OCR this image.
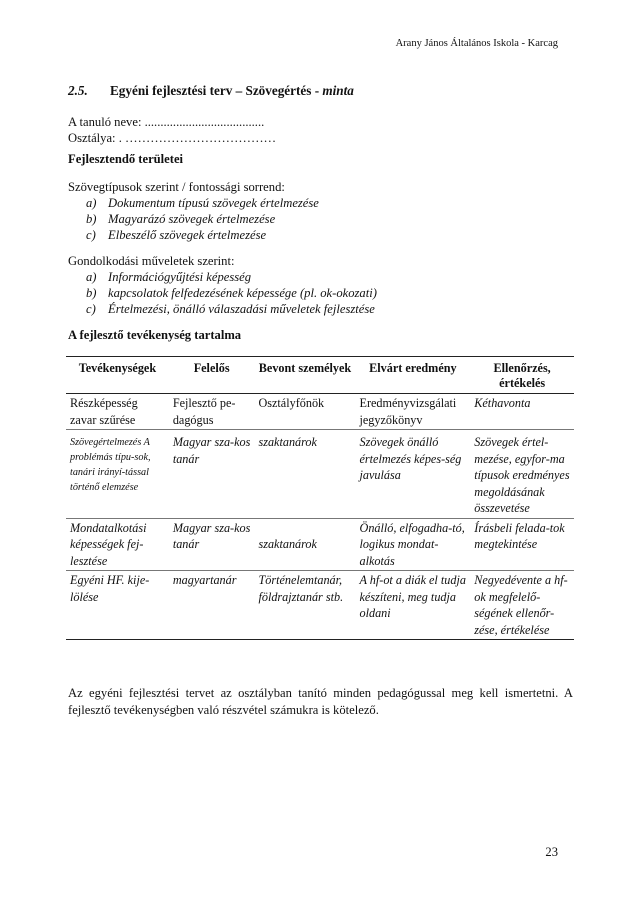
Arany János Általános Iskola - Karcag
2.5. Egyéni fejlesztési terv – Szövegértés - minta
A tanuló neve: ......................................
Osztálya: . ………………………………
Fejlesztendő területei
Szövegtípusok szerint / fontossági sorrend:
a) Dokumentum típusú szövegek értelmezése
b) Magyarázó szövegek értelmezése
c) Elbeszélő szövegek értelmezése
Gondolkodási műveletek szerint:
a) Információgyűjtési képesség
b) kapcsolatok felfedezésének képessége (pl. ok-okozati)
c) Értelmezési, önálló válaszadási műveletek fejlesztése
A fejlesztő tevékenység tartalma
Tevékenységek	Felelős	Bevont személyek	Elvárt eredmény	Ellenőrzés, értékelés
Részképesség zavar szűrése	Fejlesztő pe-dagógus	Osztályfőnök	Eredményvizsgálati jegyzőkönyv	Kéthavonta
Szövegértelmezés A problémás típu-sok, tanári irányí-tással történő elemzése	Magyar sza-kos tanár	szaktanárok	Szövegek önálló értelmezés képes-ség javulása	Szövegek értel-mezése, egyfor-ma típusok eredményes megoldásának összevetése
Mondatalkotási képességek fej-lesztése	Magyar sza-kos tanár	szaktanárok	Önálló, elfogadha-tó, logikus mondat-alkotás	Írásbeli felada-tok megtekintése
Egyéni HF. kije-lölése	magyartanár	Történelemtanár, földrajztanár stb.	A hf-ot a diák el tudja készíteni, meg tudja oldani	Negyedévente a hf-ok megfelelő-ségének ellenőr-zése, értékelése
Az egyéni fejlesztési tervet az osztályban tanító minden pedagógussal meg kell ismertetni. A fejlesztő tevékenységben való részvétel számukra is kötelező.
23
